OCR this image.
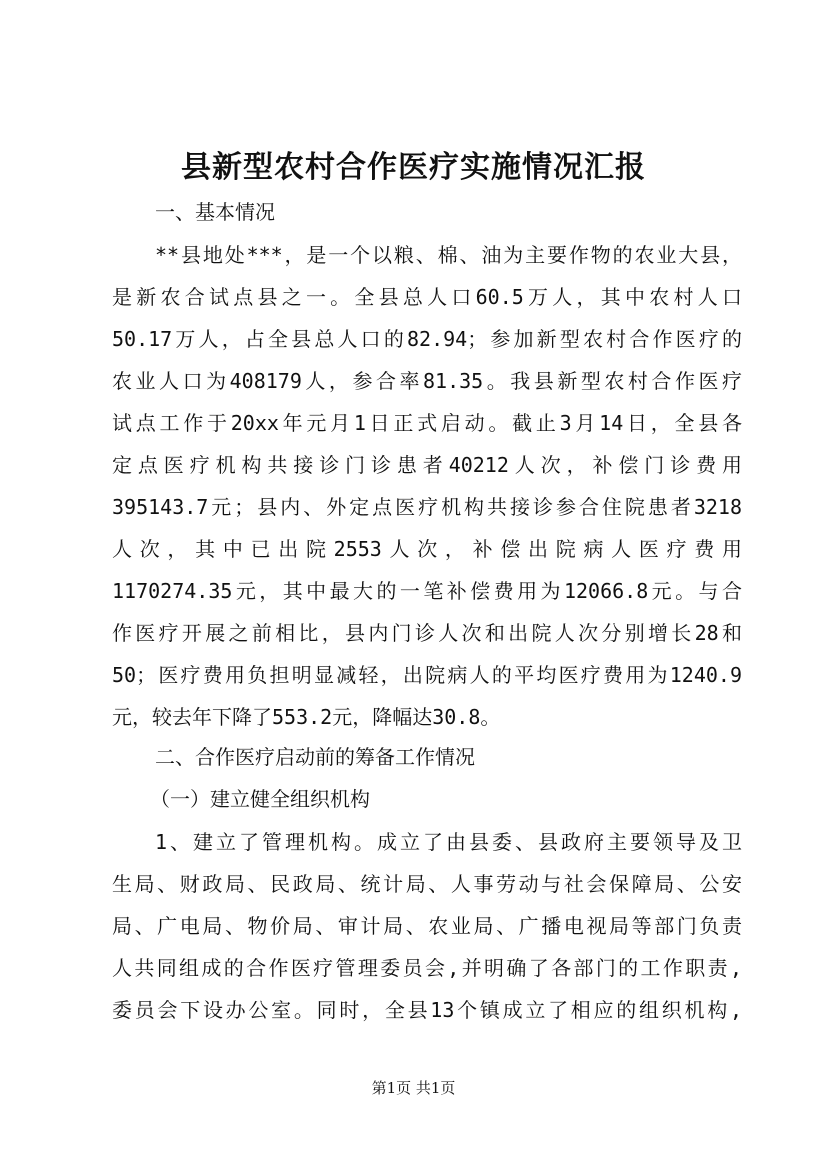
县新型农村合作医疗实施情况汇报
一、基本情况
**县地处***，是一个以粮、棉、油为主要作物的农业大县，
是新农合试点县之一。全县总人口60.5万人，其中农村人口
50.17万人，占全县总人口的82.94；参加新型农村合作医疗的
农业人口为408179人，参合率81.35。我县新型农村合作医疗
试点工作于20xx年元月1日正式启动。截止3月14日，全县各
定点医疗机构共接诊门诊患者40212人次，补偿门诊费用
395143.7元；县内、外定点医疗机构共接诊参合住院患者3218
人次，其中已出院2553人次，补偿出院病人医疗费用
1170274.35元，其中最大的一笔补偿费用为12066.8元。与合
作医疗开展之前相比，县内门诊人次和出院人次分别增长28和
50；医疗费用负担明显减轻，出院病人的平均医疗费用为1240.9
元，较去年下降了553.2元，降幅达30.8。
二、合作医疗启动前的筹备工作情况
（一）建立健全组织机构
1、建立了管理机构。成立了由县委、县政府主要领导及卫
生局、财政局、民政局、统计局、人事劳动与社会保障局、公安
局、广电局、物价局、审计局、农业局、广播电视局等部门负责
人共同组成的合作医疗管理委员会,并明确了各部门的工作职责,
委员会下设办公室。同时，全县13个镇成立了相应的组织机构,
第1页 共1页
